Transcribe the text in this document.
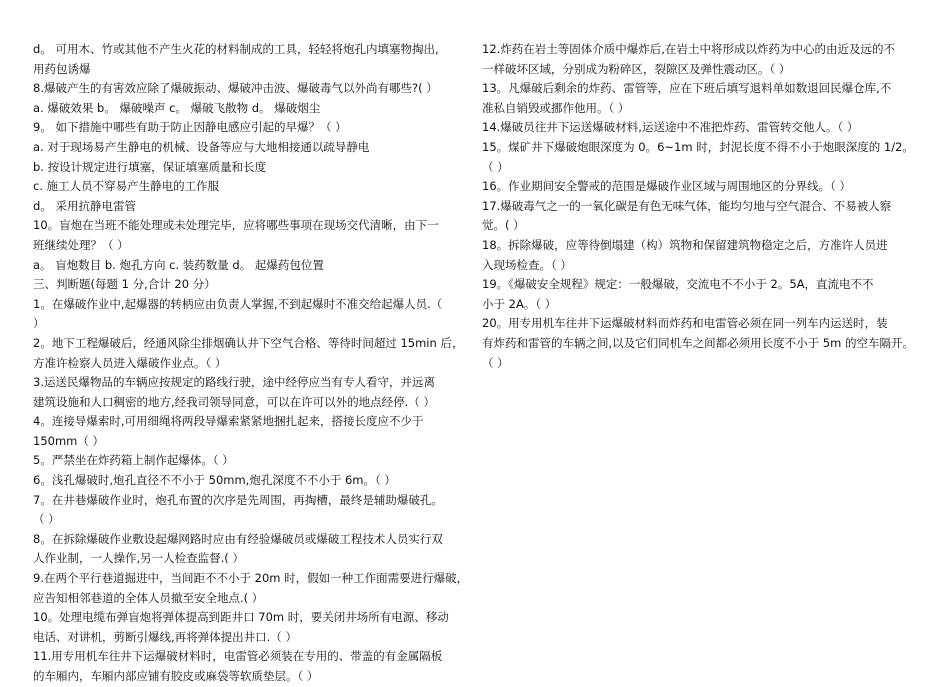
d。 可用木、竹或其他不产生火花的材料制成的工具，轻轻将炮孔内填塞物掏出,
用药包诱爆
8.爆破产生的有害效应除了爆破振动、爆破冲击波、爆破毒气以外尚有哪些?( ）
a. 爆破效果 b。 爆破噪声 c。 爆破飞散物 d。 爆破烟尘
9。 如下措施中哪些有助于防止因静电感应引起的早爆？（ ）
a. 对于现场易产生静电的机械、设备等应与大地相接通以疏导静电
b. 按设计规定进行填塞，保证填塞质量和长度
c. 施工人员不穿易产生静电的工作服
d。 采用抗静电雷管
10。盲炮在当班不能处理或未处理完毕，应将哪些事项在现场交代清晰，由下一
班继续处理？（ ）
a。 盲炮数目 b. 炮孔方向 c. 装药数量 d。 起爆药包位置
三、判断题(每题 1 分,合计 20 分）
1。在爆破作业中,起爆器的转柄应由负责人掌握,不到起爆时不准交给起爆人员.（
）
2。地下工程爆破后，经通风除尘排烟确认井下空气合格、等待时间超过 15min 后，
方准许检察人员进入爆破作业点。（ ）
3.运送民爆物品的车辆应按规定的路线行驶，途中经停应当有专人看守，并远离
建筑设施和人口稠密的地方,经我司领导同意，可以在许可以外的地点经停.（ ）
4。连接导爆索时,可用细绳将两段导爆索紧紧地捆扎起来，搭接长度应不少于
150mm（ ）
5。严禁坐在炸药箱上制作起爆体。（ ）
6。浅孔爆破时,炮孔直径不不小于 50mm,炮孔深度不不小于 6m。（ ）
7。在井巷爆破作业时，炮孔布置的次序是先周围，再掏槽，最终是辅助爆破孔。
（ ）
8。在拆除爆破作业敷设起爆网路时应由有经验爆破员或爆破工程技术人员实行双
人作业制，一人操作,另一人检查监督.( ）
9.在两个平行巷道掘进中，当间距不不小于 20m 时，假如一种工作面需要进行爆破，
应告知相邻巷道的全体人员撤至安全地点.( ）
10。处理电缆布弹盲炮将弹体提高到距井口 70m 时，要关闭井场所有电源、移动
电话、对讲机，剪断引爆线,再将弹体提出井口.（ ）
11.用专用机车往井下运爆破材料时，电雷管必须装在专用的、带盖的有金属隔板
的车厢内，车厢内部应铺有胶皮或麻袋等软质垫层。（ ）
12.炸药在岩土等固体介质中爆炸后,在岩土中将形成以炸药为中心的由近及远的不
一样破坏区域，分别成为粉碎区，裂隙区及弹性震动区。（ ）
13。凡爆破后剩余的炸药、雷管等，应在下班后填写退料单如数退回民爆仓库,不
准私自销毁或挪作他用。（ ）
14.爆破员往井下运送爆破材料,运送途中不准把炸药、雷管转交他人。（ ）
15。煤矿井下爆破炮眼深度为 0。6~1m 时，封泥长度不得不小于炮眼深度的 1/2。
（ ）
16。作业期间安全警戒的范围是爆破作业区域与周围地区的分界线。（ ）
17.爆破毒气之一的一氧化碳是有色无味气体，能均匀地与空气混合、不易被人察
觉。( ）
18。拆除爆破，应等待倒塌建（构）筑物和保留建筑物稳定之后，方准许人员进
入现场检查。（ ）
19。《爆破安全规程》规定：一般爆破，交流电不不小于 2。5A，直流电不不
小于 2A。（ ）
20。用专用机车往井下运爆破材料而炸药和电雷管必须在同一列车内运送时，装
有炸药和雷管的车辆之间,以及它们同机车之间都必须用长度不小于 5m 的空车隔开。
（ ）
